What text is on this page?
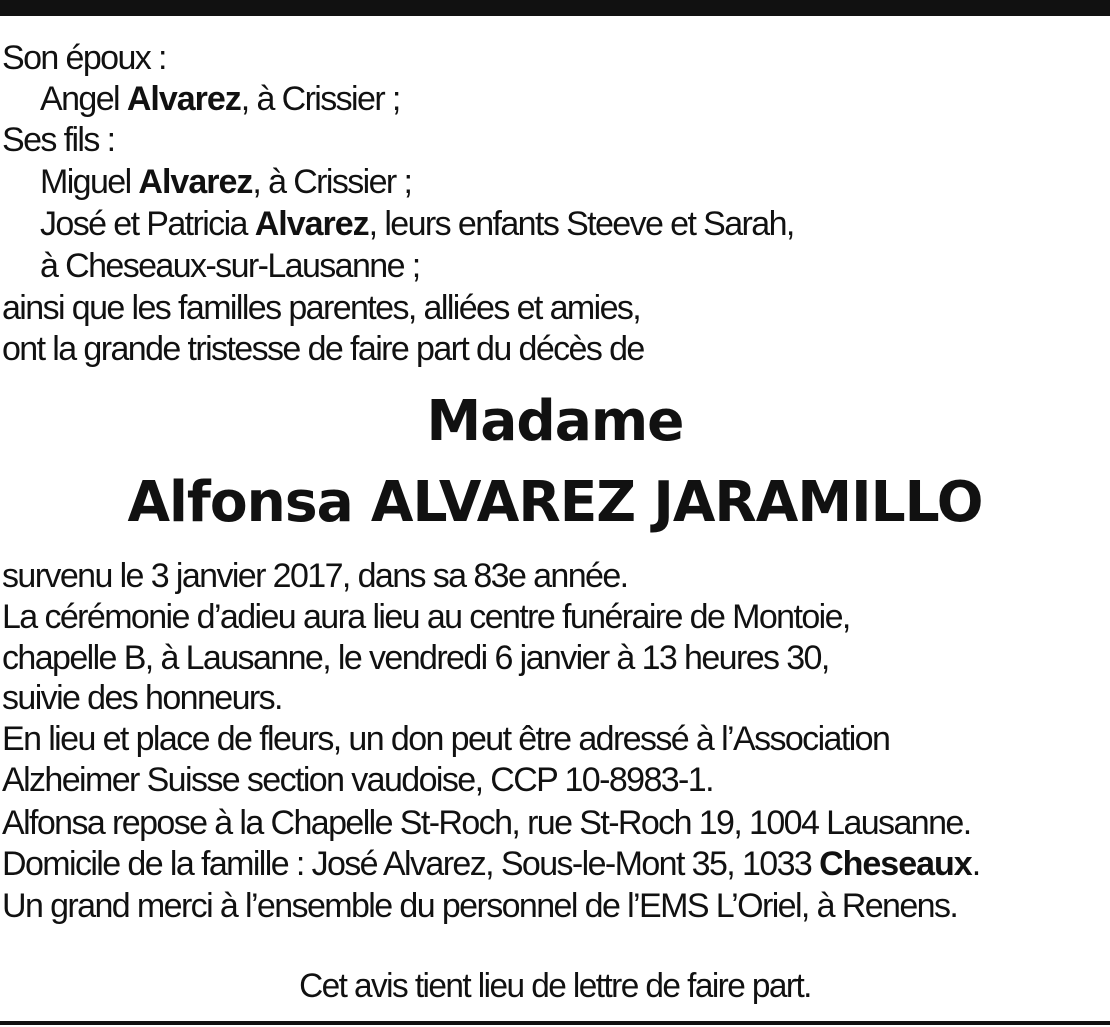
Son époux :
Angel Alvarez, à Crissier ;
Ses fils :
Miguel Alvarez, à Crissier ;
José et Patricia Alvarez, leurs enfants Steeve et Sarah,
à Cheseaux-sur-Lausanne ;
ainsi que les familles parentes, alliées et amies,
ont la grande tristesse de faire part du décès de
Madame
Alfonsa ALVAREZ JARAMILLO
survenu le 3 janvier 2017, dans sa 83e année.
La cérémonie d’adieu aura lieu au centre funéraire de Montoie,
chapelle B, à Lausanne, le vendredi 6 janvier à 13 heures 30,
suivie des honneurs.
En lieu et place de fleurs, un don peut être adressé à l’Association
Alzheimer Suisse section vaudoise, CCP 10-8983-1.
Alfonsa repose à la Chapelle St-Roch, rue St-Roch 19, 1004 Lausanne.
Domicile de la famille : José Alvarez, Sous-le-Mont 35, 1033 Cheseaux.
Un grand merci à l’ensemble du personnel de l’EMS L’Oriel, à Renens.
Cet avis tient lieu de lettre de faire part.
